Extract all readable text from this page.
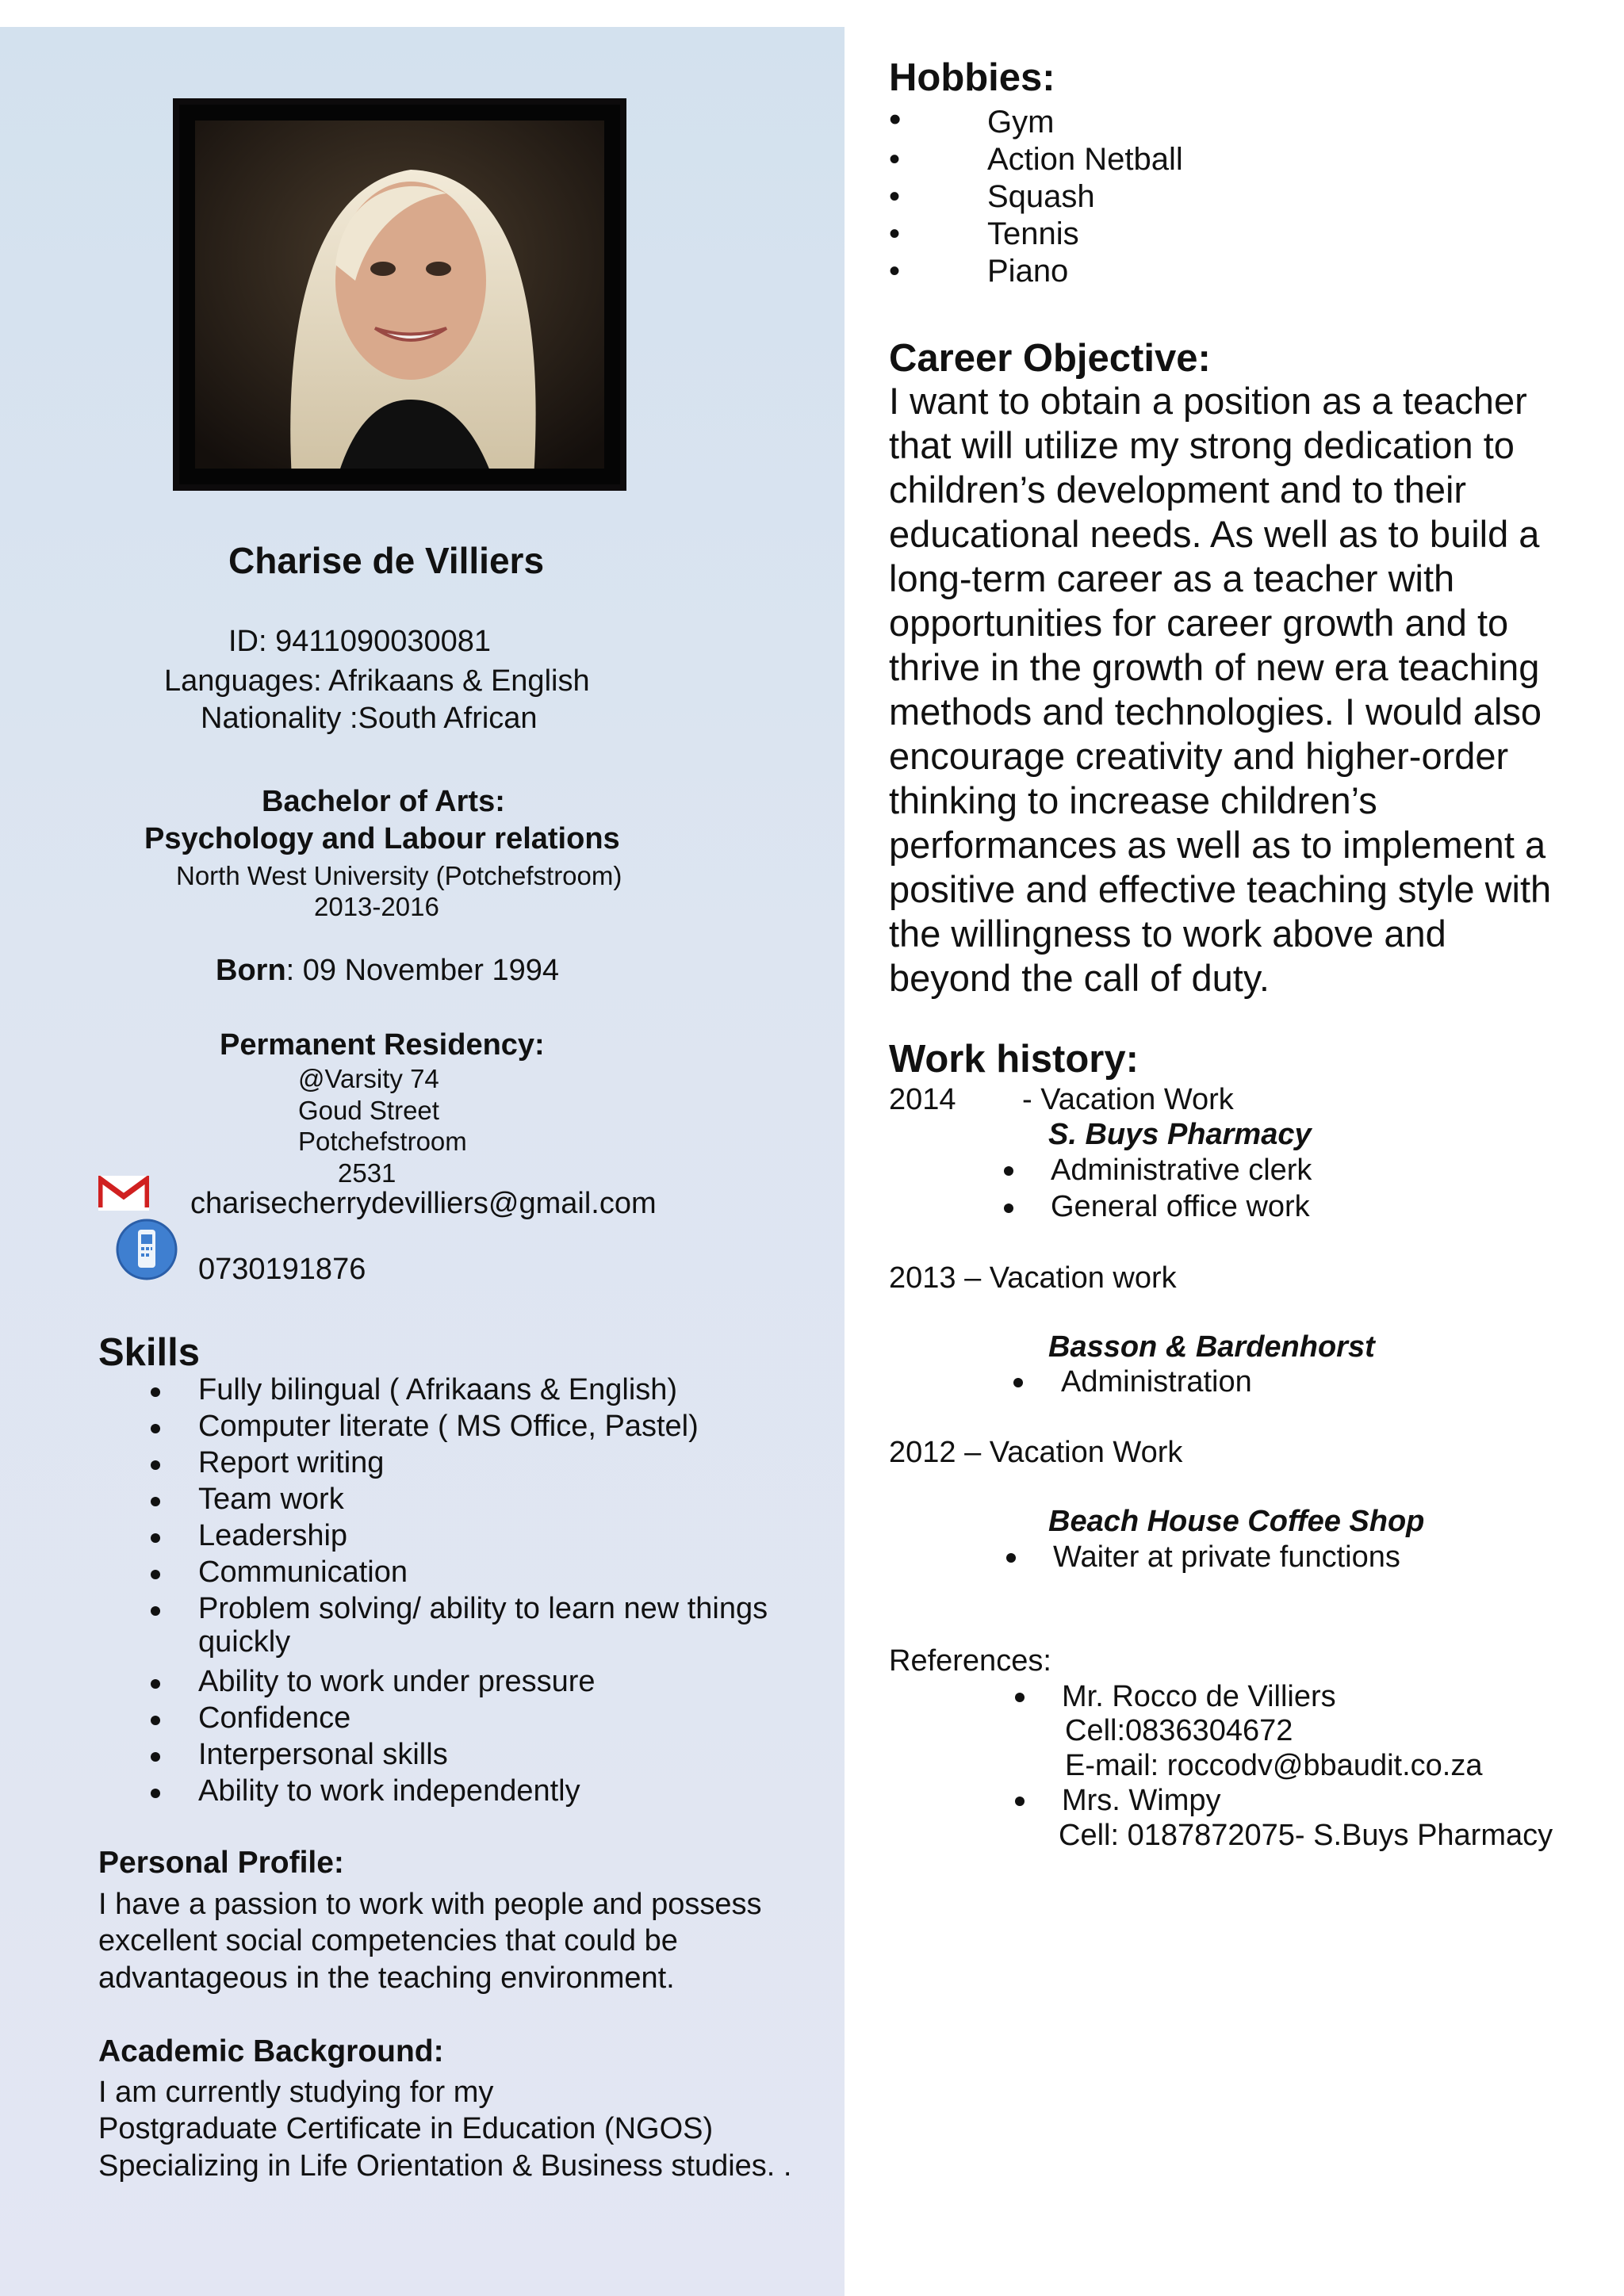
Charise de Villiers
ID: 9411090030081
Languages: Afrikaans & English
Nationality :South African
Bachelor of Arts:
Psychology and Labour relations
North West University (Potchefstroom)
2013-2016
Born: 09 November 1994
Permanent Residency:
@Varsity 74
Goud Street
Potchefstroom
2531
charisecherrydevilliers@gmail.com
0730191876
Skills
Fully bilingual ( Afrikaans & English)
Computer literate ( MS Office, Pastel)
Report writing
Team work
Leadership
Communication
Problem solving/ ability to learn new things
quickly
Ability to work under pressure
Confidence
Interpersonal skills
Ability to work independently
Personal Profile:
I have a passion to work with people and possess
excellent social competencies that could be
advantageous in the teaching environment.
Academic Background:
I am currently studying for my
Postgraduate Certificate in Education (NGOS)
Specializing in Life Orientation & Business studies. .
Hobbies:
•	Gym
•	Action Netball
•	Squash
•	Tennis
•	Piano
Career Objective:
I want to obtain a position as a teacher that will utilize my strong dedication to children’s development and to their educational needs. As well as to build a long-term career as a teacher with opportunities for career growth and to thrive in the growth of new era teaching methods and technologies. I would also encourage creativity and higher-order thinking to increase children’s performances as well as to implement a positive and effective teaching style with the willingness to work above and beyond the call of duty.
Work history:
2014 - Vacation Work
S. Buys Pharmacy
Administrative clerk
General office work
2013 – Vacation work
Basson & Bardenhorst
Administration
2012 – Vacation Work
Beach House Coffee Shop
Waiter at private functions
References:
Mr. Rocco de Villiers
Cell:0836304672
E-mail: roccodv@bbaudit.co.za
Mrs. Wimpy
Cell: 0187872075- S.Buys Pharmacy
